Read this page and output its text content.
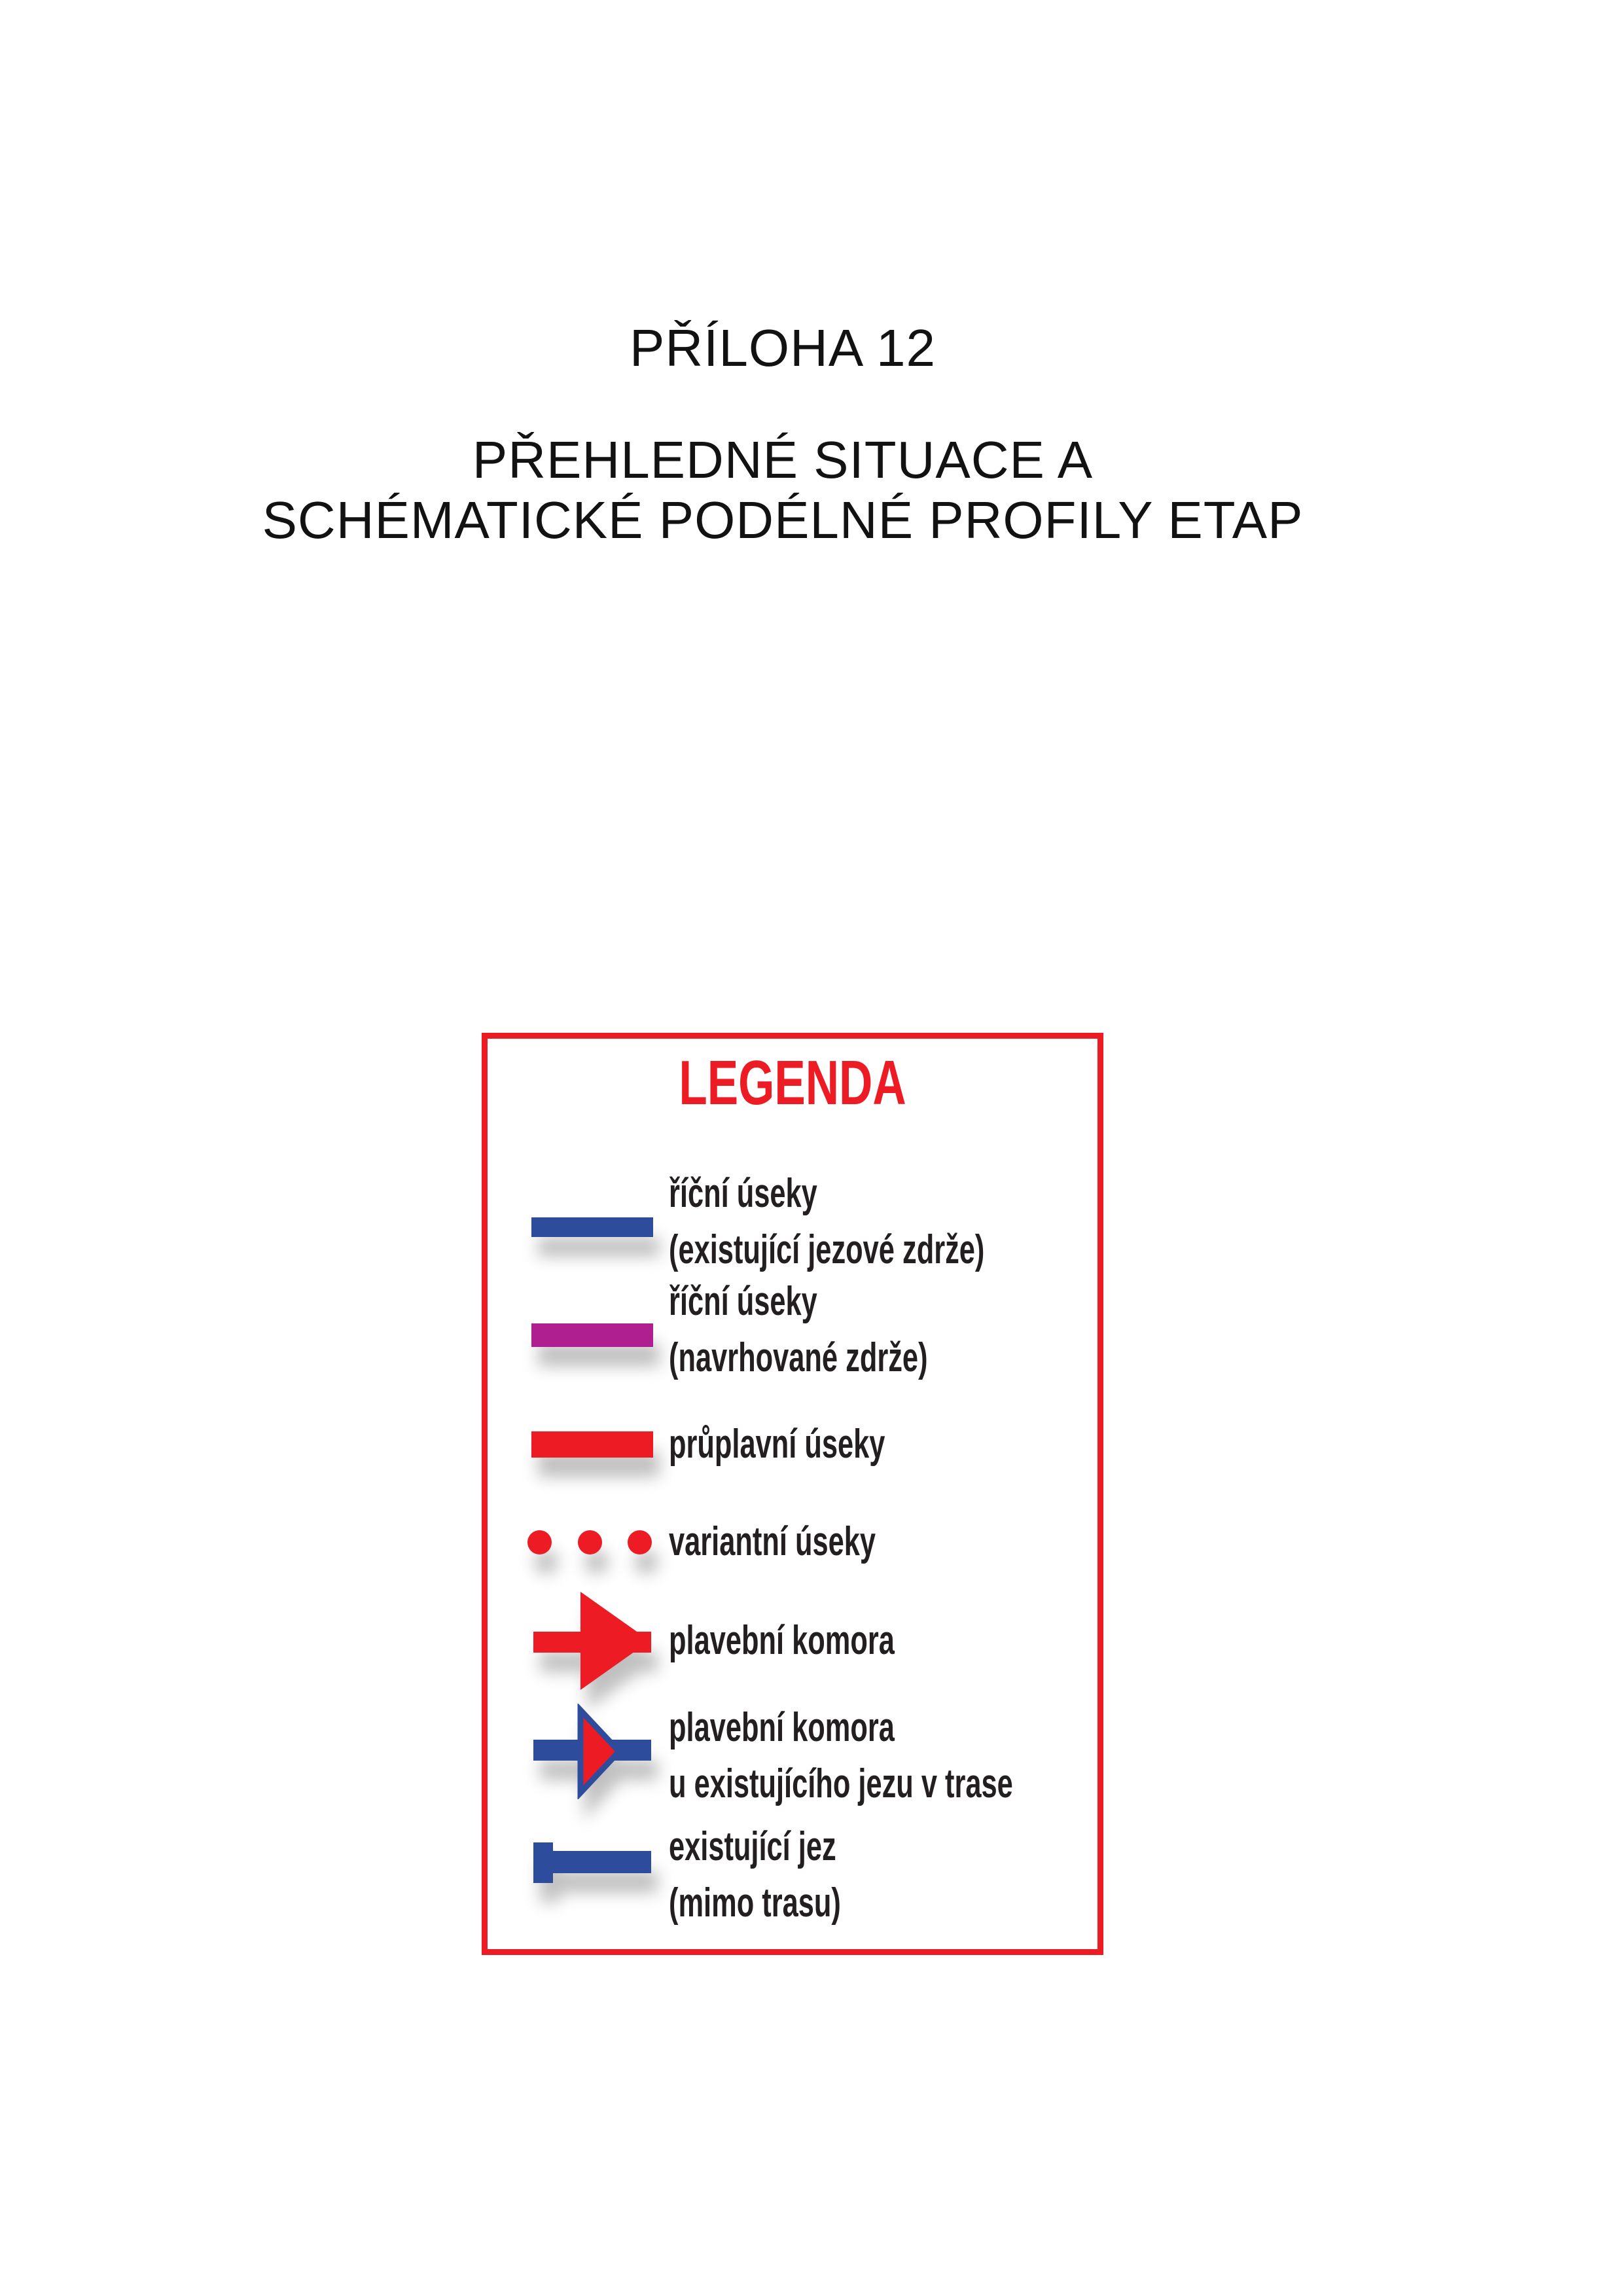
PŘÍLOHA 12
PŘEHLEDNÉ SITUACE A
SCHÉMATICKÉ PODÉLNÉ PROFILY ETAP
LEGENDA
říční úseky
(existující jezové zdrže)
říční úseky
(navrhované zdrže)
průplavní úseky
variantní úseky
plavební komora
plavební komora
u existujícího jezu v trase
existující jez
(mimo trasu)
